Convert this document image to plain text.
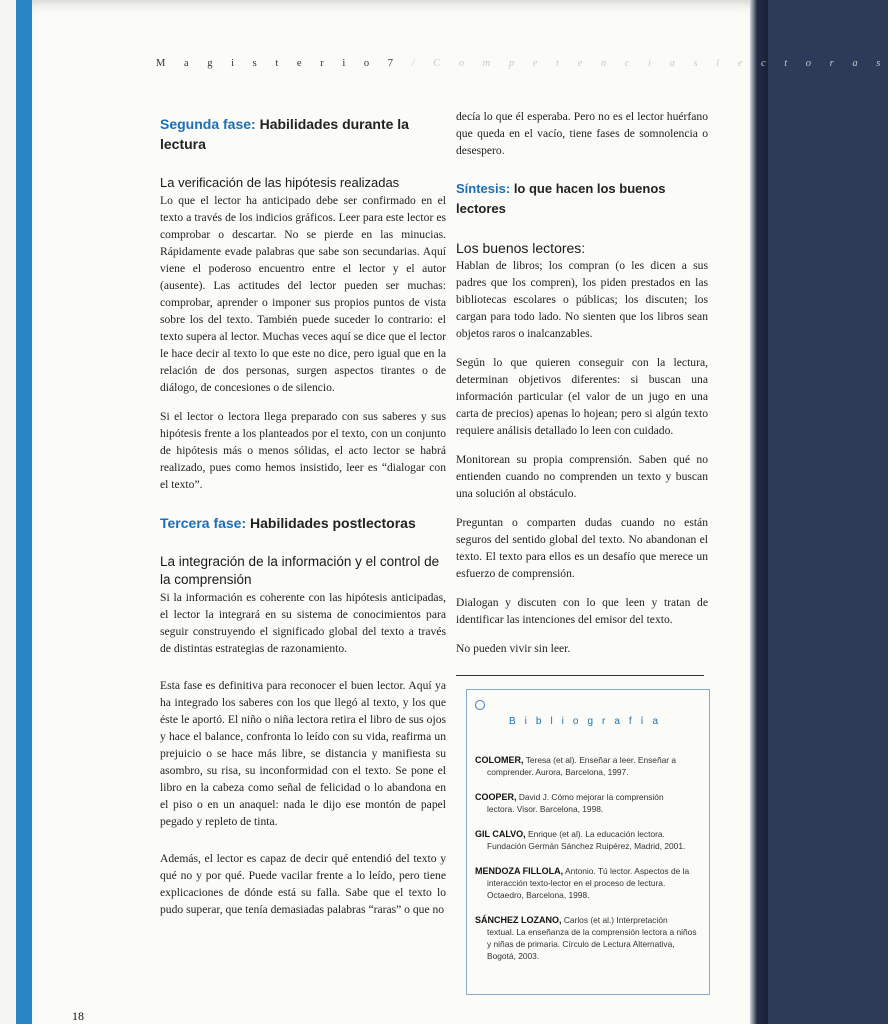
M a g i s t e r i o 7 / C o m p e t e n c i a s l e c t o r a s
Segunda fase: Habilidades durante la lectura
La verificación de las hipótesis realizadas

Lo que el lector ha anticipado debe ser confirmado en el texto a través de los indicios gráficos. Leer para este lector es comprobar o descartar. No se pierde en las minucias. Rápidamente evade palabras que sabe son secundarias. Aquí viene el poderoso encuentro entre el lector y el autor (ausente). Las actitudes del lector pueden ser muchas: comprobar, aprender o imponer sus propios puntos de vista sobre los del texto. También puede suceder lo contrario: el texto supera al lector. Muchas veces aquí se dice que el lector le hace decir al texto lo que este no dice, pero igual que en la relación de dos personas, surgen aspectos tirantes o de diálogo, de concesiones o de silencio.

Si el lector o lectora llega preparado con sus saberes y sus hipótesis frente a los planteados por el texto, con un conjunto de hipótesis más o menos sólidas, el acto lector se habrá realizado, pues como hemos insistido, leer es “dialogar con el texto”.

Tercera fase: Habilidades postlectoras
La integración de la información y el control de la comprensión

Si la información es coherente con las hipótesis anticipadas, el lector la integrará en su sistema de conocimientos para seguir construyendo el significado global del texto a través de distintas estrategias de razonamiento.

Esta fase es definitiva para reconocer el buen lector. Aquí ya ha integrado los saberes con los que llegó al texto, y los que éste le aportó. El niño o niña lectora retira el libro de sus ojos y hace el balance, confronta lo leído con su vida, reafirma un prejuicio o se hace más libre, se distancia y manifiesta su asombro, su risa, su inconformidad con el texto. Se pone el libro en la cabeza como señal de felicidad o lo abandona en el piso o en un anaquel: nada le dijo ese montón de papel pegado y repleto de tinta.

Además, el lector es capaz de decir qué entendió del texto y qué no y por qué. Puede vacilar frente a lo leído, pero tiene explicaciones de dónde está su falla. Sabe que el texto lo pudo superar, que tenía demasiadas palabras “raras” o que no

decía lo que él esperaba. Pero no es el lector huérfano que queda en el vacío, tiene fases de somnolencia o desespero.

Síntesis: lo que hacen los buenos lectores
Los buenos lectores:

Hablan de libros; los compran (o les dicen a sus padres que los compren), los piden prestados en las bibliotecas escolares o públicas; los discuten; los cargan para todo lado. No sienten que los libros sean objetos raros o inalcanzables.

Según lo que quieren conseguir con la lectura, determinan objetivos diferentes: si buscan una información particular (el valor de un jugo en una carta de precios) apenas lo hojean; pero si algún texto requiere análisis detallado lo leen con cuidado.

Monitorean su propia comprensión. Saben qué no entienden cuando no comprenden un texto y buscan una solución al obstáculo.

Preguntan o comparten dudas cuando no están seguros del sentido global del texto. No abandonan el texto. El texto para ellos es un desafío que merece un esfuerzo de comprensión.

Dialogan y discuten con lo que leen y tratan de identificar las intenciones del emisor del texto.

No pueden vivir sin leer.

Bibliografía
COLOMER, Teresa (et al). Enseñar a leer. Enseñar a
comprender. Aurora, Barcelona, 1997.
COOPER, David J. Cómo mejorar la comprensión
lectora. Visor. Barcelona, 1998.
GIL CALVO, Enrique (et al). La educación lectora.
Fundación Germán Sánchez Ruipérez, Madrid, 2001.
MENDOZA FILLOLA, Antonio. Tú lector. Aspectos de la
interacción texto-lector en el proceso de lectura. Octaedro, Barcelona, 1998.
SÁNCHEZ LOZANO, Carlos (et al.) Interpretación
textual. La enseñanza de la comprensión lectora a niños y niñas de primaria. Círculo de Lectura Alternativa, Bogotá, 2003.
18
